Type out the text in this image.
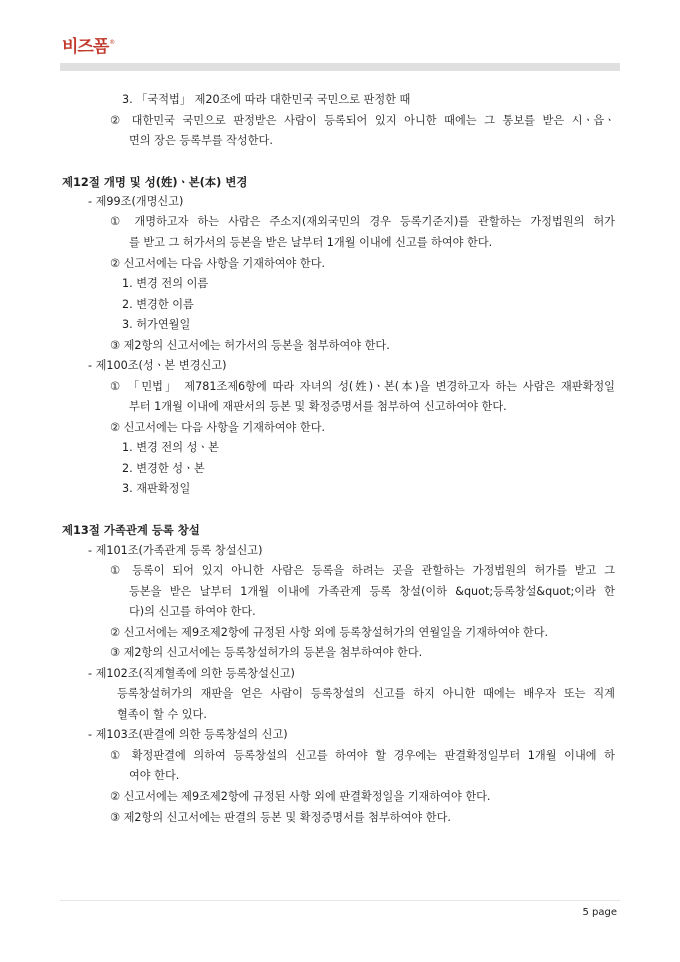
비즈폼 ®
3. 「국적법」 제20조에 따라 대한민국 국민으로 판정한 때
② 대한민국 국민으로 판정받은 사람이 등록되어 있지 아니한 때에는 그 통보를 받은 시ㆍ읍ㆍ
면의 장은 등록부를 작성한다.
제12절 개명 및 성(姓)ㆍ본(本) 변경
- 제99조(개명신고)
① 개명하고자 하는 사람은 주소지(재외국민의 경우 등록기준지)를 관할하는 가정법원의 허가
를 받고 그 허가서의 등본을 받은 날부터 1개월 이내에 신고를 하여야 한다.
② 신고서에는 다음 사항을 기재하여야 한다.
1. 변경 전의 이름
2. 변경한 이름
3. 허가연월일
③ 제2항의 신고서에는 허가서의 등본을 첨부하여야 한다.
- 제100조(성ㆍ본 변경신고)
① 「민법」 제781조제6항에 따라 자녀의 성(姓)ㆍ본(本)을 변경하고자 하는 사람은 재판확정일
부터 1개월 이내에 재판서의 등본 및 확정증명서를 첨부하여 신고하여야 한다.
② 신고서에는 다음 사항을 기재하여야 한다.
1. 변경 전의 성ㆍ본
2. 변경한 성ㆍ본
3. 재판확정일
제13절 가족관계 등록 창설
- 제101조(가족관계 등록 창설신고)
① 등록이 되어 있지 아니한 사람은 등록을 하려는 곳을 관할하는 가정법원의 허가를 받고 그
등본을 받은 날부터 1개월 이내에 가족관계 등록 창설(이하 &quot;등록창설&quot;이라 한
다)의 신고를 하여야 한다.
② 신고서에는 제9조제2항에 규정된 사항 외에 등록창설허가의 연월일을 기재하여야 한다.
③ 제2항의 신고서에는 등록창설허가의 등본을 첨부하여야 한다.
- 제102조(직계혈족에 의한 등록창설신고)
등록창설허가의 재판을 얻은 사람이 등록창설의 신고를 하지 아니한 때에는 배우자 또는 직계
혈족이 할 수 있다.
- 제103조(판결에 의한 등록창설의 신고)
① 확정판결에 의하여 등록창설의 신고를 하여야 할 경우에는 판결확정일부터 1개월 이내에 하
여야 한다.
② 신고서에는 제9조제2항에 규정된 사항 외에 판결확정일을 기재하여야 한다.
③ 제2항의 신고서에는 판결의 등본 및 확정증명서를 첨부하여야 한다.
5 page
